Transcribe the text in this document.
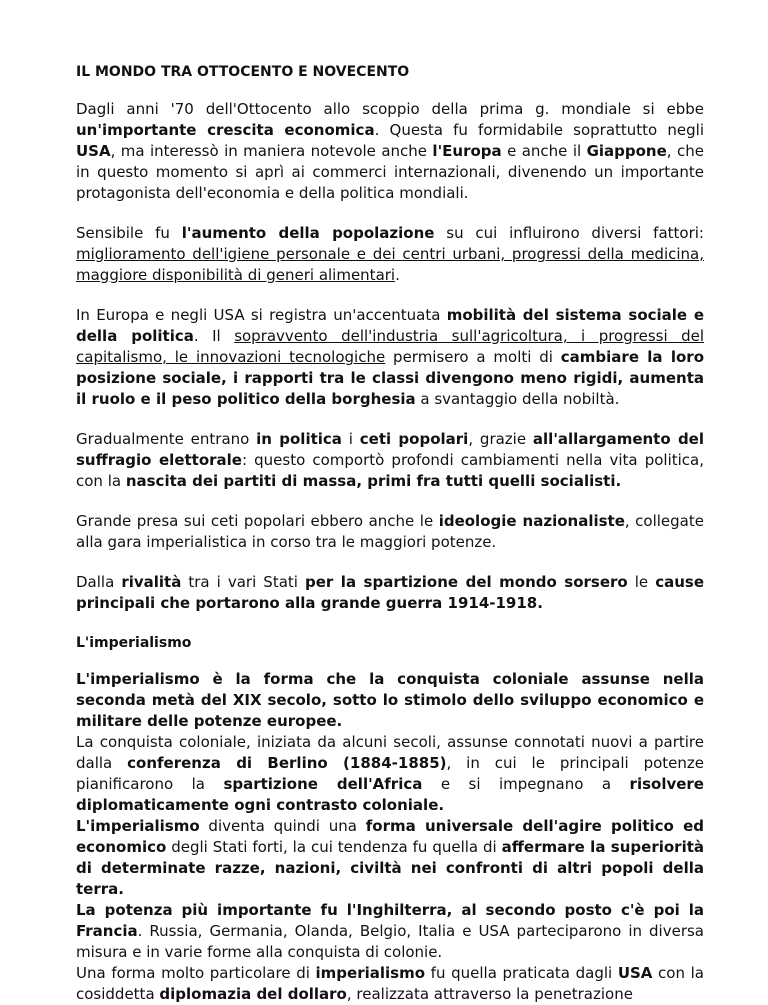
IL MONDO TRA OTTOCENTO E NOVECENTO

Dagli anni '70 dell'Ottocento allo scoppio della prima g. mondiale si ebbe un'importante crescita economica. Questa fu formidabile soprattutto negli USA, ma interessò in maniera notevole anche l'Europa e anche il Giappone, che in questo momento si aprì ai commerci internazionali, divenendo un importante protagonista dell'economia e della politica mondiali.

Sensibile fu l'aumento della popolazione su cui influirono diversi fattori: miglioramento dell'igiene personale e dei centri urbani, progressi della medicina, maggiore disponibilità di generi alimentari.

In Europa e negli USA si registra un'accentuata mobilità del sistema sociale e della politica. Il sopravvento dell'industria sull'agricoltura, i progressi del capitalismo, le innovazioni tecnologiche permisero a molti di cambiare la loro posizione sociale, i rapporti tra le classi divengono meno rigidi, aumenta il ruolo e il peso politico della borghesia a svantaggio della nobiltà.

Gradualmente entrano in politica i ceti popolari, grazie all'allargamento del suffragio elettorale: questo comportò profondi cambiamenti nella vita politica, con la nascita dei partiti di massa, primi fra tutti quelli socialisti.

Grande presa sui ceti popolari ebbero anche le ideologie nazionaliste, collegate alla gara imperialistica in corso tra le maggiori potenze.

Dalla rivalità tra i vari Stati per la spartizione del mondo sorsero le cause principali che portarono alla grande guerra 1914-1918.

L'imperialismo

L'imperialismo è la forma che la conquista coloniale assunse nella seconda metà del XIX secolo, sotto lo stimolo dello sviluppo economico e militare delle potenze europee.

La conquista coloniale, iniziata da alcuni secoli, assunse connotati nuovi a partire dalla conferenza di Berlino (1884-1885), in cui le principali potenze pianificarono la spartizione dell'Africa e si impegnano a risolvere diplomaticamente ogni contrasto coloniale.

L'imperialismo diventa quindi una forma universale dell'agire politico ed economico degli Stati forti, la cui tendenza fu quella di affermare la superiorità di determinate razze, nazioni, civiltà nei confronti di altri popoli della terra.

La potenza più importante fu l'Inghilterra, al secondo posto c'è poi la Francia. Russia, Germania, Olanda, Belgio, Italia e USA parteciparono in diversa misura e in varie forme alla conquista di colonie.

Una forma molto particolare di imperialismo fu quella praticata dagli USA con la cosiddetta diplomazia del dollaro, realizzata attraverso la penetrazione
